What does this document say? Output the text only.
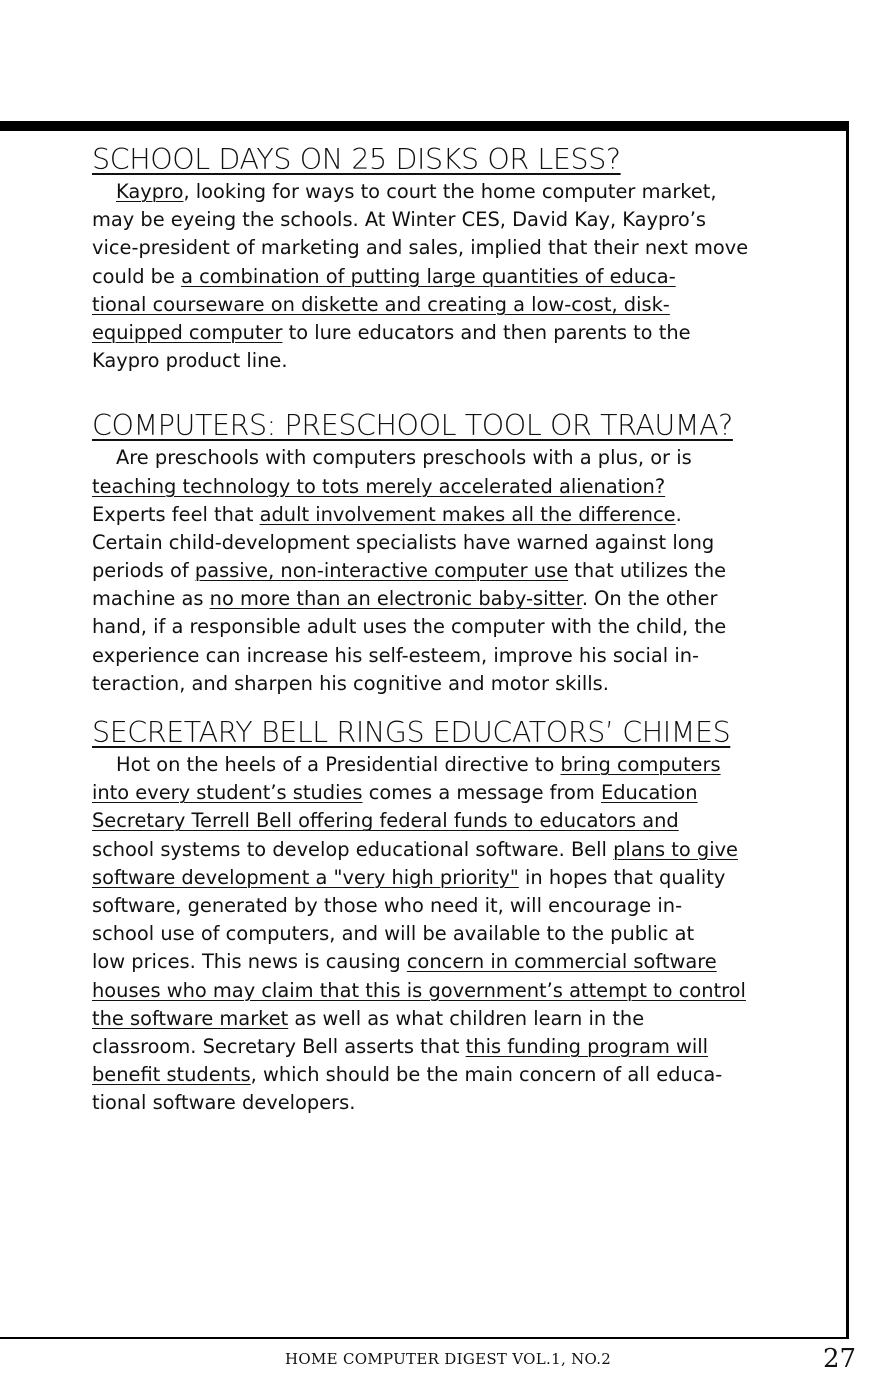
SCHOOL DAYS ON 25 DISKS OR LESS?
Kaypro, looking for ways to court the home computer market,
may be eyeing the schools. At Winter CES, David Kay, Kaypro’s
vice-president of marketing and sales, implied that their next move
could be a combination of putting large quantities of educa-
tional courseware on diskette and creating a low-cost, disk-
equipped computer to lure educators and then parents to the
Kaypro product line.
COMPUTERS: PRESCHOOL TOOL OR TRAUMA?
Are preschools with computers preschools with a plus, or is
teaching technology to tots merely accelerated alienation?
Experts feel that adult involvement makes all the difference.
Certain child-development specialists have warned against long
periods of passive, non-interactive computer use that utilizes the
machine as no more than an electronic baby-sitter. On the other
hand, if a responsible adult uses the computer with the child, the
experience can increase his self-esteem, improve his social in-
teraction, and sharpen his cognitive and motor skills.
SECRETARY BELL RINGS EDUCATORS’ CHIMES
Hot on the heels of a Presidential directive to bring computers
into every student’s studies comes a message from Education
Secretary Terrell Bell offering federal funds to educators and
school systems to develop educational software. Bell plans to give
software development a "very high priority" in hopes that quality
software, generated by those who need it, will encourage in-
school use of computers, and will be available to the public at
low prices. This news is causing concern in commercial software
houses who may claim that this is government’s attempt to control
the software market as well as what children learn in the
classroom. Secretary Bell asserts that this funding program will
benefit students, which should be the main concern of all educa-
tional software developers.
HOME COMPUTER DIGEST VOL.1, NO.2	27
